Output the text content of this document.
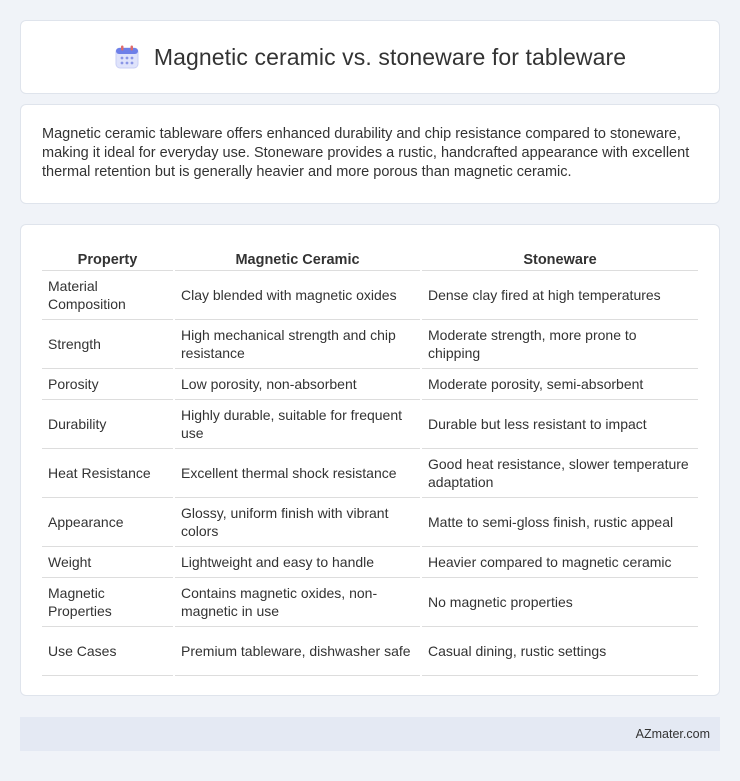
Magnetic ceramic vs. stoneware for tableware

Magnetic ceramic tableware offers enhanced durability and chip resistance compared to stoneware, making it ideal for everyday use. Stoneware provides a rustic, handcrafted appearance with excellent thermal retention but is generally heavier and more porous than magnetic ceramic.

Property	Magnetic Ceramic	Stoneware
Material Composition	Clay blended with magnetic oxides	Dense clay fired at high temperatures
Strength	High mechanical strength and chip resistance	Moderate strength, more prone to chipping
Porosity	Low porosity, non-absorbent	Moderate porosity, semi-absorbent
Durability	Highly durable, suitable for frequent use	Durable but less resistant to impact
Heat Resistance	Excellent thermal shock resistance	Good heat resistance, slower temperature adaptation
Appearance	Glossy, uniform finish with vibrant colors	Matte to semi-gloss finish, rustic appeal
Weight	Lightweight and easy to handle	Heavier compared to magnetic ceramic
Magnetic Properties	Contains magnetic oxides, non-magnetic in use	No magnetic properties
Use Cases	Premium tableware, dishwasher safe	Casual dining, rustic settings
AZmater.com
